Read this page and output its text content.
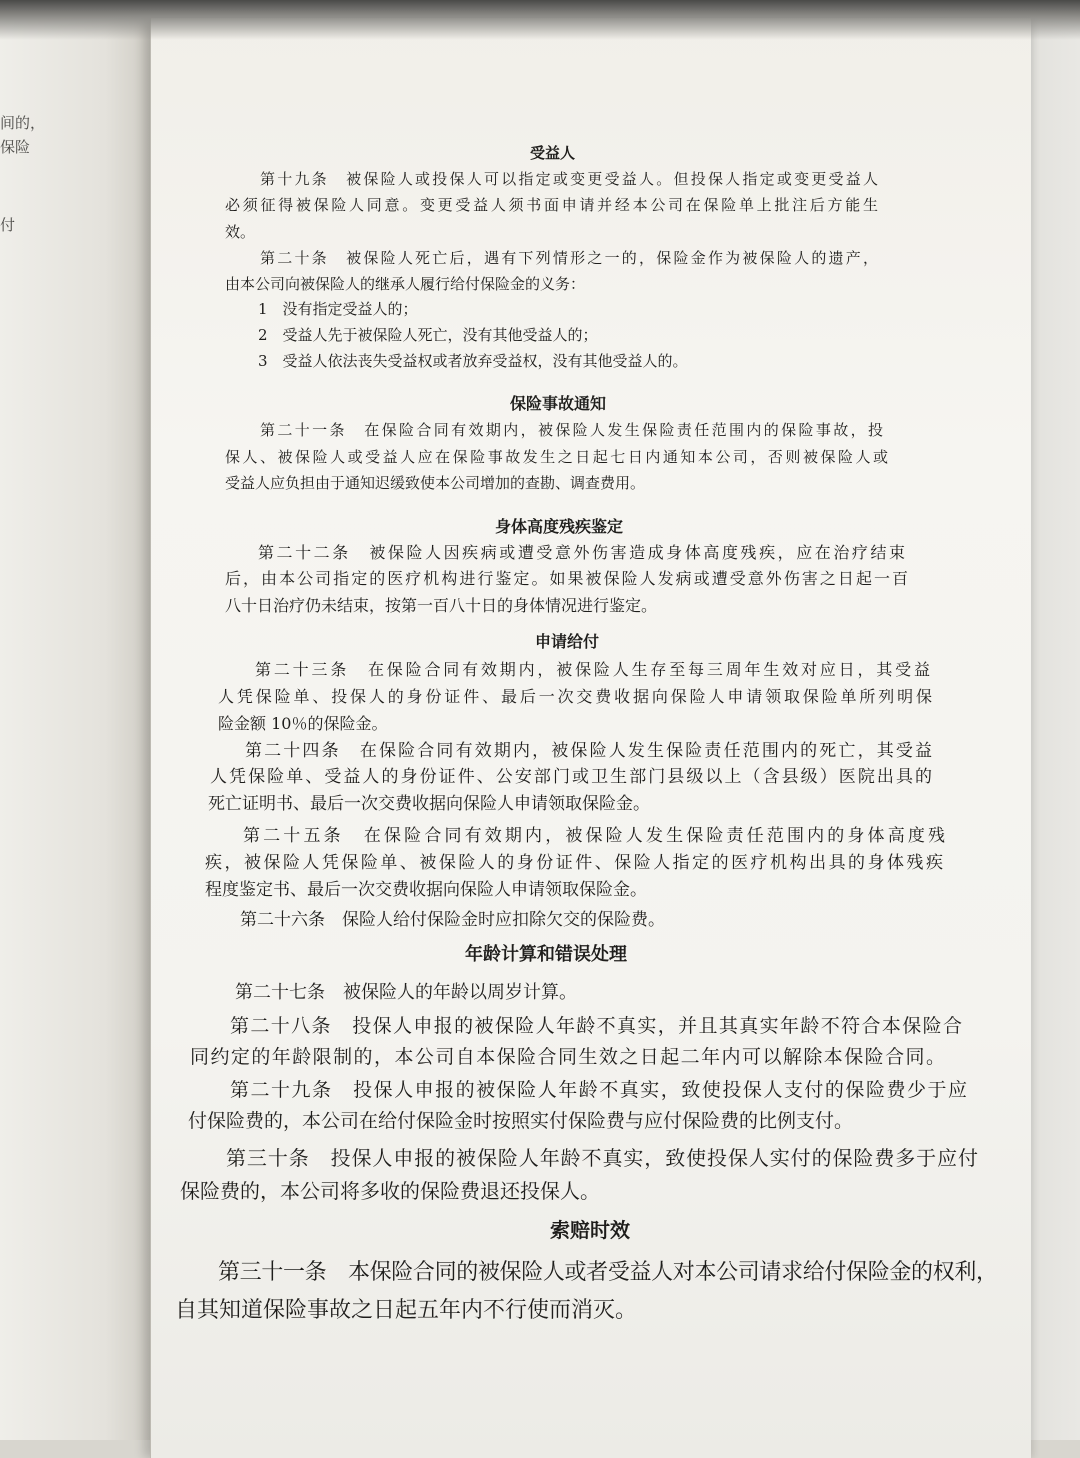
间的，
保险
付
受益人
第十九条　被保险人或投保人可以指定或变更受益人。但投保人指定或变更受益人
必须征得被保险人同意。变更受益人须书面申请并经本公司在保险单上批注后方能生
效。
第二十条　被保险人死亡后，遇有下列情形之一的，保险金作为被保险人的遗产，
由本公司向被保险人的继承人履行给付保险金的义务：
1　没有指定受益人的；
2　受益人先于被保险人死亡，没有其他受益人的；
3　受益人依法丧失受益权或者放弃受益权，没有其他受益人的。
保险事故通知
第二十一条　在保险合同有效期内，被保险人发生保险责任范围内的保险事故，投
保人、被保险人或受益人应在保险事故发生之日起七日内通知本公司，否则被保险人或
受益人应负担由于通知迟缓致使本公司增加的查勘、调查费用。
身体高度残疾鉴定
第二十二条　被保险人因疾病或遭受意外伤害造成身体高度残疾，应在治疗结束
后，由本公司指定的医疗机构进行鉴定。如果被保险人发病或遭受意外伤害之日起一百
八十日治疗仍未结束，按第一百八十日的身体情况进行鉴定。
申请给付
第二十三条　在保险合同有效期内，被保险人生存至每三周年生效对应日，其受益
人凭保险单、投保人的身份证件、最后一次交费收据向保险人申请领取保险单所列明保
险金额 10％的保险金。
第二十四条　在保险合同有效期内，被保险人发生保险责任范围内的死亡，其受益
人凭保险单、受益人的身份证件、公安部门或卫生部门县级以上（含县级）医院出具的
死亡证明书、最后一次交费收据向保险人申请领取保险金。
第二十五条　在保险合同有效期内，被保险人发生保险责任范围内的身体高度残
疾，被保险人凭保险单、被保险人的身份证件、保险人指定的医疗机构出具的身体残疾
程度鉴定书、最后一次交费收据向保险人申请领取保险金。
第二十六条　保险人给付保险金时应扣除欠交的保险费。
年龄计算和错误处理
第二十七条　被保险人的年龄以周岁计算。
第二十八条　投保人申报的被保险人年龄不真实，并且其真实年龄不符合本保险合
同约定的年龄限制的，本公司自本保险合同生效之日起二年内可以解除本保险合同。
第二十九条　投保人申报的被保险人年龄不真实，致使投保人支付的保险费少于应
付保险费的，本公司在给付保险金时按照实付保险费与应付保险费的比例支付。
第三十条　投保人申报的被保险人年龄不真实，致使投保人实付的保险费多于应付
保险费的，本公司将多收的保险费退还投保人。
索赔时效
第三十一条　本保险合同的被保险人或者受益人对本公司请求给付保险金的权利，
自其知道保险事故之日起五年内不行使而消灭。
